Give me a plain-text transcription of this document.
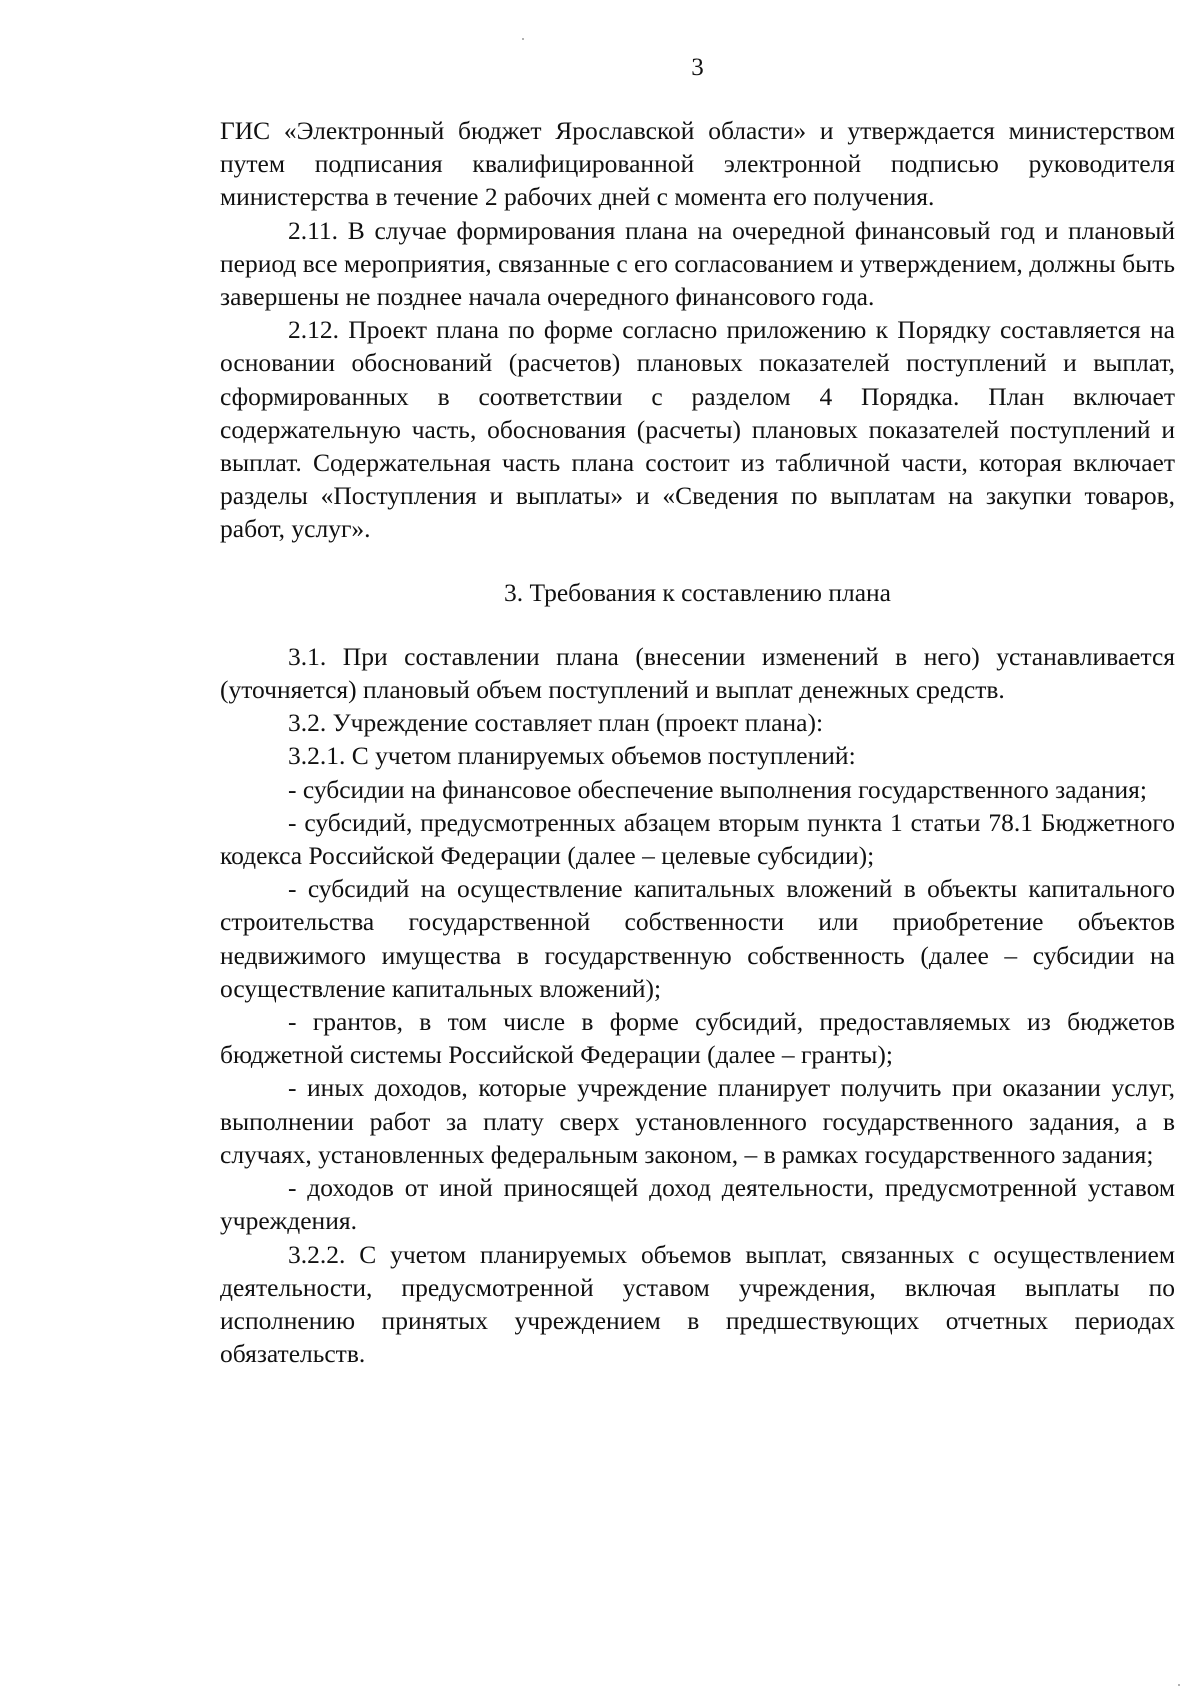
3

ГИС «Электронный бюджет Ярославской области» и утверждается министерством путем подписания квалифицированной электронной подписью руководителя министерства в течение 2 рабочих дней с момента его получения.

2.11. В случае формирования плана на очередной финансовый год и плановый период все мероприятия, связанные с его согласованием и утверждением, должны быть завершены не позднее начала очередного финансового года.

2.12. Проект плана по форме согласно приложению к Порядку составляется на основании обоснований (расчетов) плановых показателей поступлений и выплат, сформированных в соответствии с разделом 4 Порядка. План включает содержательную часть, обоснования (расчеты) плановых показателей поступлений и выплат. Содержательная часть плана состоит из табличной части, которая включает разделы «Поступления и выплаты» и «Сведения по выплатам на закупки товаров, работ, услуг».

3. Требования к составлению плана

3.1. При составлении плана (внесении изменений в него) устанавливается (уточняется) плановый объем поступлений и выплат денежных средств.

3.2. Учреждение составляет план (проект плана):

3.2.1. С учетом планируемых объемов поступлений:

- субсидии на финансовое обеспечение выполнения государственного задания;

- субсидий, предусмотренных абзацем вторым пункта 1 статьи 78.1 Бюджетного кодекса Российской Федерации (далее – целевые субсидии);

- субсидий на осуществление капитальных вложений в объекты капитального строительства государственной собственности или приобретение объектов недвижимого имущества в государственную собственность (далее – субсидии на осуществление капитальных вложений);

- грантов, в том числе в форме субсидий, предоставляемых из бюджетов бюджетной системы Российской Федерации (далее – гранты);

- иных доходов, которые учреждение планирует получить при оказании услуг, выполнении работ за плату сверх установленного государственного задания, а в случаях, установленных федеральным законом, – в рамках государственного задания;

- доходов от иной приносящей доход деятельности, предусмотренной уставом учреждения.

3.2.2. С учетом планируемых объемов выплат, связанных с осуществлением деятельности, предусмотренной уставом учреждения, включая выплаты по исполнению принятых учреждением в предшествующих отчетных периодах обязательств.
